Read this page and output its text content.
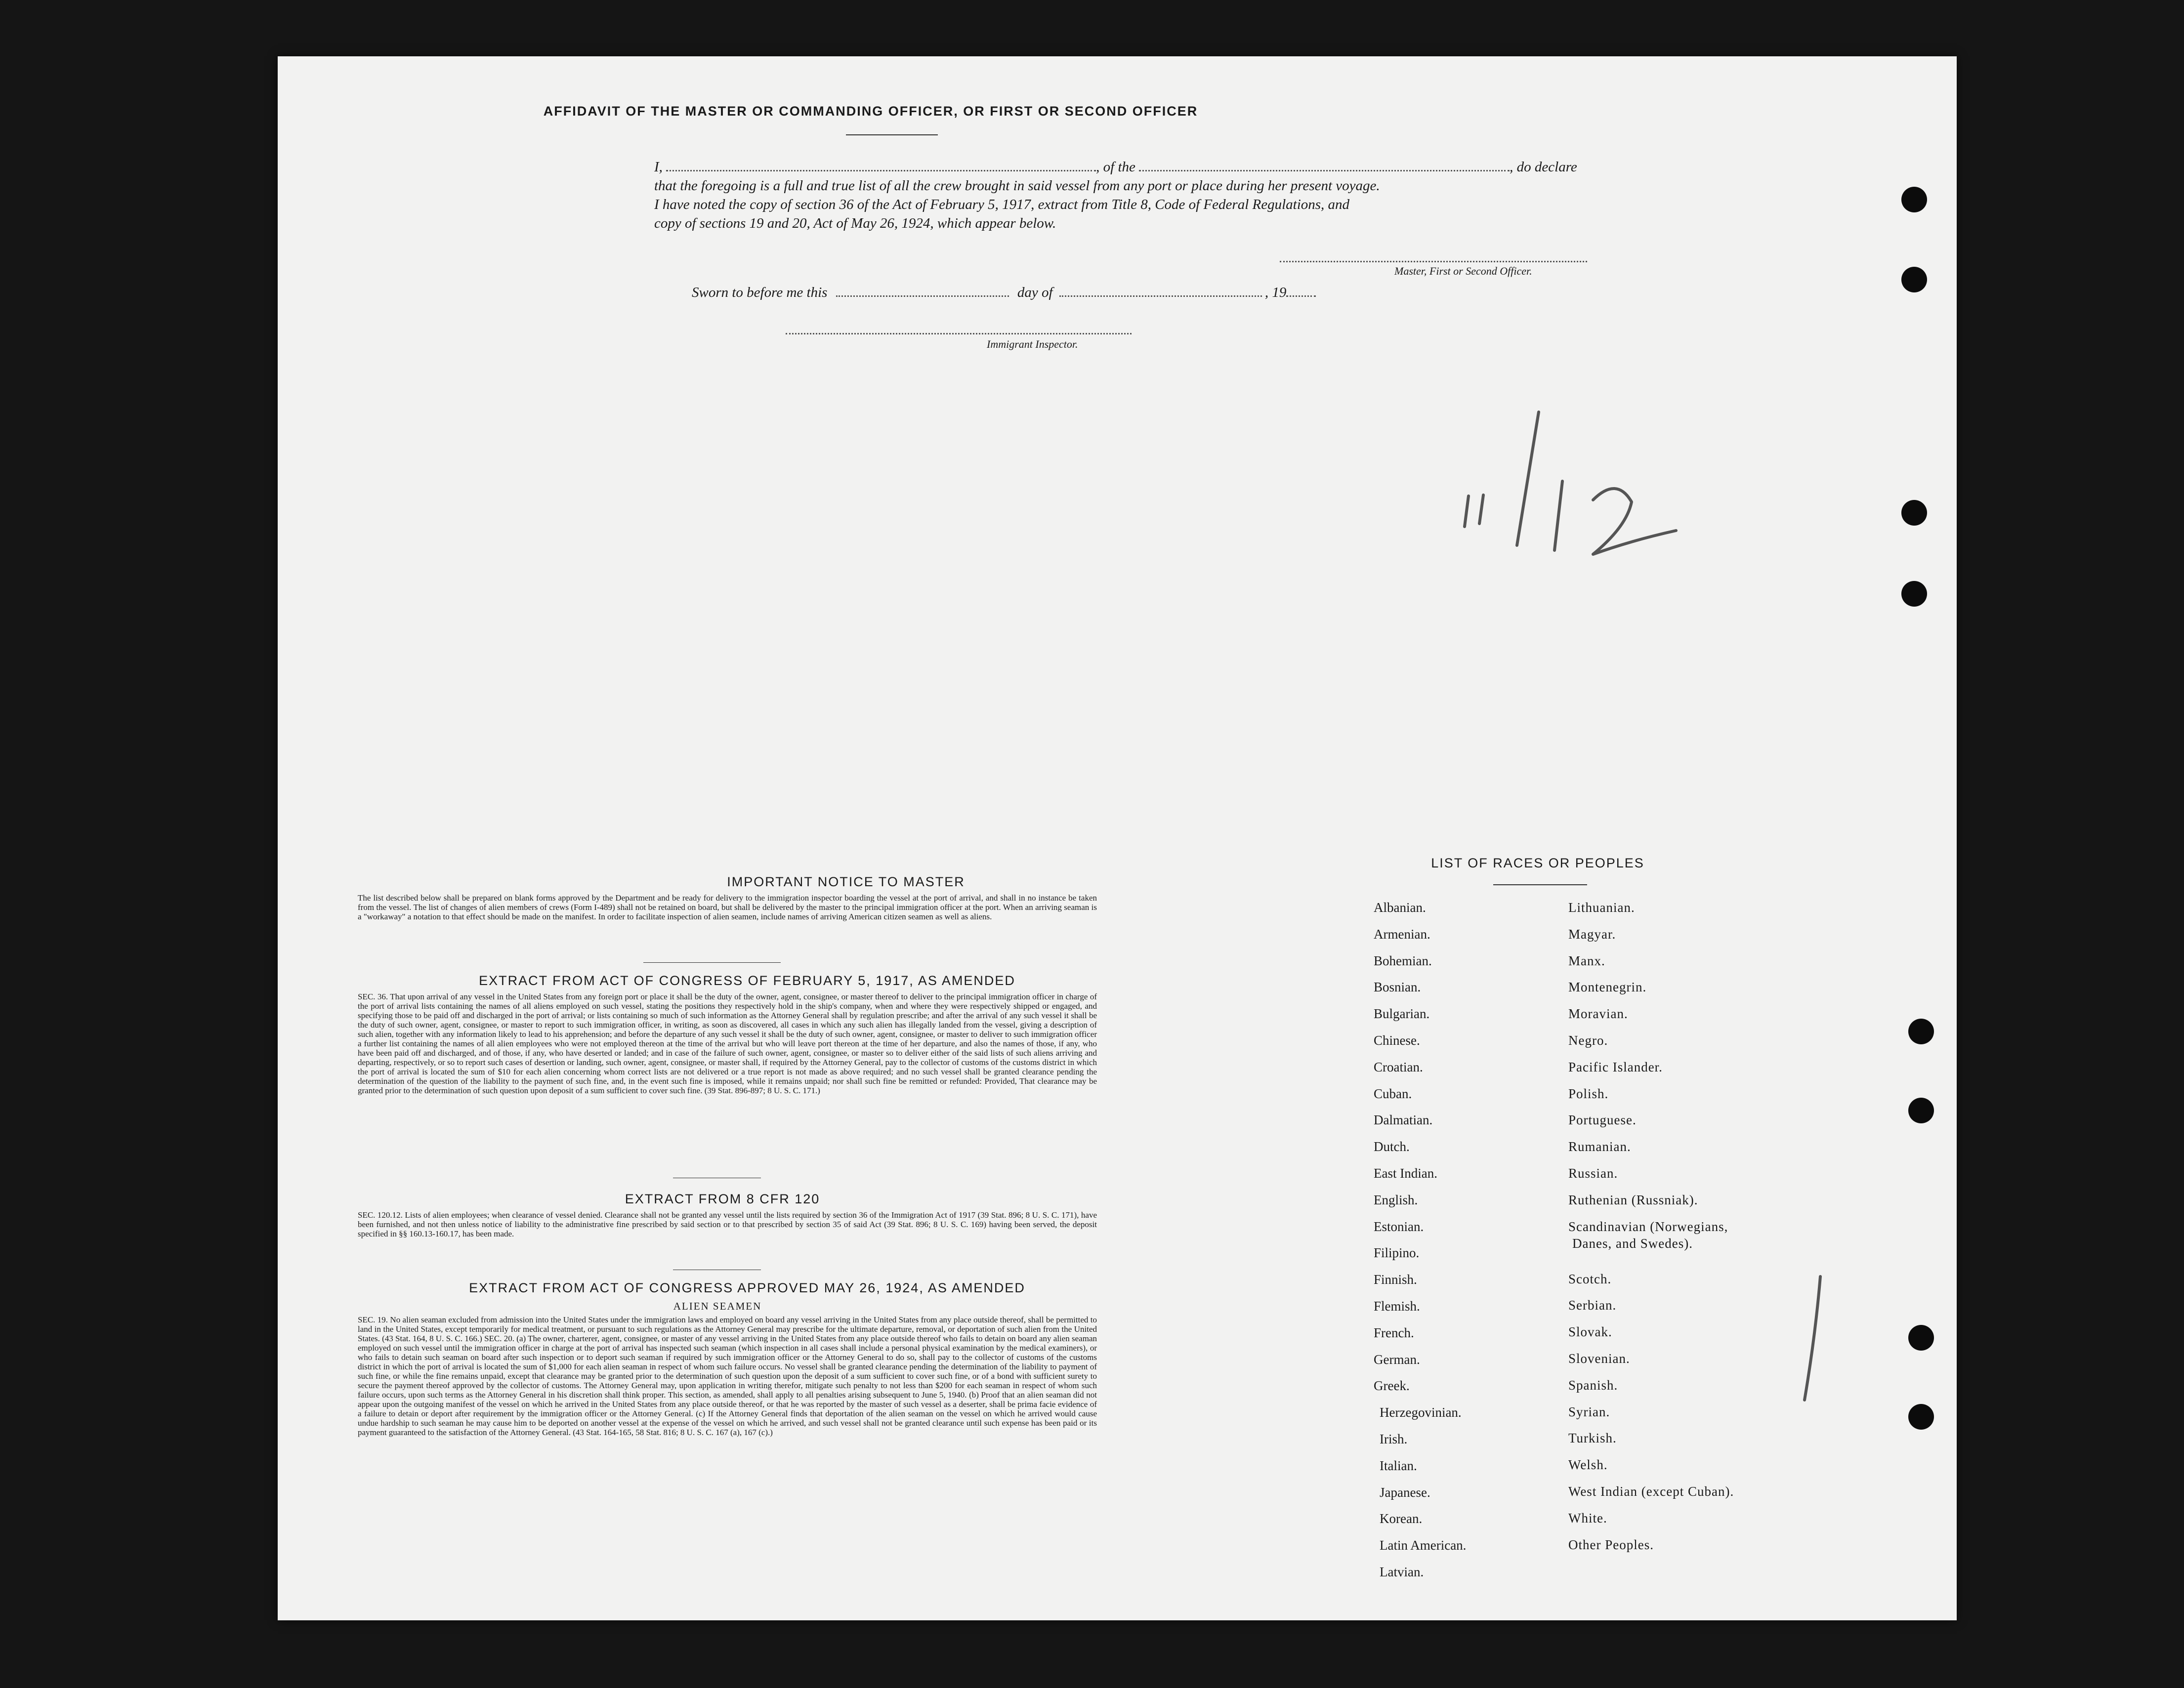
AFFIDAVIT OF THE MASTER OR COMMANDING OFFICER, OR FIRST OR SECOND OFFICER
I,	, of the	, do declare
that the foregoing is a full and true list of all the crew brought in said vessel from any port or place during her present voyage.
I have noted the copy of section 36 of the Act of February 5, 1917, extract from Title 8, Code of Federal Regulations, and
copy of sections 19 and 20, Act of May 26, 1924, which appear below.
Master, First or Second Officer.
Sworn to before me this	day of	, 19
Immigrant Inspector.
IMPORTANT NOTICE TO MASTER
The list described below shall be prepared on blank forms approved by the Department and be ready for delivery to the immigration inspector boarding the vessel at the port of arrival, and shall in no instance be taken from the vessel. The list of changes of alien members of crews (Form I-489) shall not be retained on board, but shall be delivered by the master to the principal immigration officer at the port. When an arriving seaman is a "workaway" a notation to that effect should be made on the manifest. In order to facilitate inspection of alien seamen, include names of arriving American citizen seamen as well as aliens.
EXTRACT FROM ACT OF CONGRESS OF FEBRUARY 5, 1917, AS AMENDED
SEC. 36. That upon arrival of any vessel in the United States from any foreign port or place it shall be the duty of the owner, agent, consignee, or master thereof to deliver to the principal immigration officer in charge of the port of arrival lists containing the names of all aliens employed on such vessel, stating the positions they respectively hold in the ship's company, when and where they were respectively shipped or engaged, and specifying those to be paid off and discharged in the port of arrival; or lists containing so much of such information as the Attorney General shall by regulation prescribe; and after the arrival of any such vessel it shall be the duty of such owner, agent, consignee, or master to report to such immigration officer, in writing, as soon as discovered, all cases in which any such alien has illegally landed from the vessel, giving a description of such alien, together with any information likely to lead to his apprehension; and before the departure of any such vessel it shall be the duty of such owner, agent, consignee, or master to deliver to such immigration officer a further list containing the names of all alien employees who were not employed thereon at the time of the arrival but who will leave port thereon at the time of her departure, and also the names of those, if any, who have been paid off and discharged, and of those, if any, who have deserted or landed; and in case of the failure of such owner, agent, consignee, or master so to deliver either of the said lists of such aliens arriving and departing, respectively, or so to report such cases of desertion or landing, such owner, agent, consignee, or master shall, if required by the Attorney General, pay to the collector of customs of the customs district in which the port of arrival is located the sum of $10 for each alien concerning whom correct lists are not delivered or a true report is not made as above required; and no such vessel shall be granted clearance pending the determination of the question of the liability to the payment of such fine, and, in the event such fine is imposed, while it remains unpaid; nor shall such fine be remitted or refunded: Provided, That clearance may be granted prior to the determination of such question upon deposit of a sum sufficient to cover such fine. (39 Stat. 896-897; 8 U. S. C. 171.)
EXTRACT FROM 8 CFR 120
SEC. 120.12. Lists of alien employees; when clearance of vessel denied. Clearance shall not be granted any vessel until the lists required by section 36 of the Immigration Act of 1917 (39 Stat. 896; 8 U. S. C. 171), have been furnished, and not then unless notice of liability to the administrative fine prescribed by said section or to that prescribed by section 35 of said Act (39 Stat. 896; 8 U. S. C. 169) having been served, the deposit specified in §§ 160.13-160.17, has been made.
EXTRACT FROM ACT OF CONGRESS APPROVED MAY 26, 1924, AS AMENDED
ALIEN SEAMEN
SEC. 19. No alien seaman excluded from admission into the United States under the immigration laws and employed on board any vessel arriving in the United States from any place outside thereof, shall be permitted to land in the United States, except temporarily for medical treatment, or pursuant to such regulations as the Attorney General may prescribe for the ultimate departure, removal, or deportation of such alien from the United States. (43 Stat. 164, 8 U. S. C. 166.) SEC. 20. (a) The owner, charterer, agent, consignee, or master of any vessel arriving in the United States from any place outside thereof who fails to detain on board any alien seaman employed on such vessel until the immigration officer in charge at the port of arrival has inspected such seaman (which inspection in all cases shall include a personal physical examination by the medical examiners), or who fails to detain such seaman on board after such inspection or to deport such seaman if required by such immigration officer or the Attorney General to do so, shall pay to the collector of customs of the customs district in which the port of arrival is located the sum of $1,000 for each alien seaman in respect of whom such failure occurs. No vessel shall be granted clearance pending the determination of the liability to payment of such fine, or while the fine remains unpaid, except that clearance may be granted prior to the determination of such question upon the deposit of a sum sufficient to cover such fine, or of a bond with sufficient surety to secure the payment thereof approved by the collector of customs. The Attorney General may, upon application in writing therefor, mitigate such penalty to not less than $200 for each seaman in respect of whom such failure occurs, upon such terms as the Attorney General in his discretion shall think proper. This section, as amended, shall apply to all penalties arising subsequent to June 5, 1940. (b) Proof that an alien seaman did not appear upon the outgoing manifest of the vessel on which he arrived in the United States from any place outside thereof, or that he was reported by the master of such vessel as a deserter, shall be prima facie evidence of a failure to detain or deport after requirement by the immigration officer or the Attorney General. (c) If the Attorney General finds that deportation of the alien seaman on the vessel on which he arrived would cause undue hardship to such seaman he may cause him to be deported on another vessel at the expense of the vessel on which he arrived, and such vessel shall not be granted clearance until such expense has been paid or its payment guaranteed to the satisfaction of the Attorney General. (43 Stat. 164-165, 58 Stat. 816; 8 U. S. C. 167 (a), 167 (c).)
LIST OF RACES OR PEOPLES
Albanian.
Armenian.
Bohemian.
Bosnian.
Bulgarian.
Chinese.
Croatian.
Cuban.
Dalmatian.
Dutch.
East Indian.
English.
Estonian.
Filipino.
Finnish.
Flemish.
French.
German.
Greek.
Herzegovinian.
Irish.
Italian.
Japanese.
Korean.
Latin American.
Latvian.
Lithuanian.
Magyar.
Manx.
Montenegrin.
Moravian.
Negro.
Pacific Islander.
Polish.
Portuguese.
Rumanian.
Russian.
Ruthenian (Russniak).
Scandinavian (Norwegians,
Danes, and Swedes).
Scotch.
Serbian.
Slovak.
Slovenian.
Spanish.
Syrian.
Turkish.
Welsh.
West Indian (except Cuban).
White.
Other Peoples.
